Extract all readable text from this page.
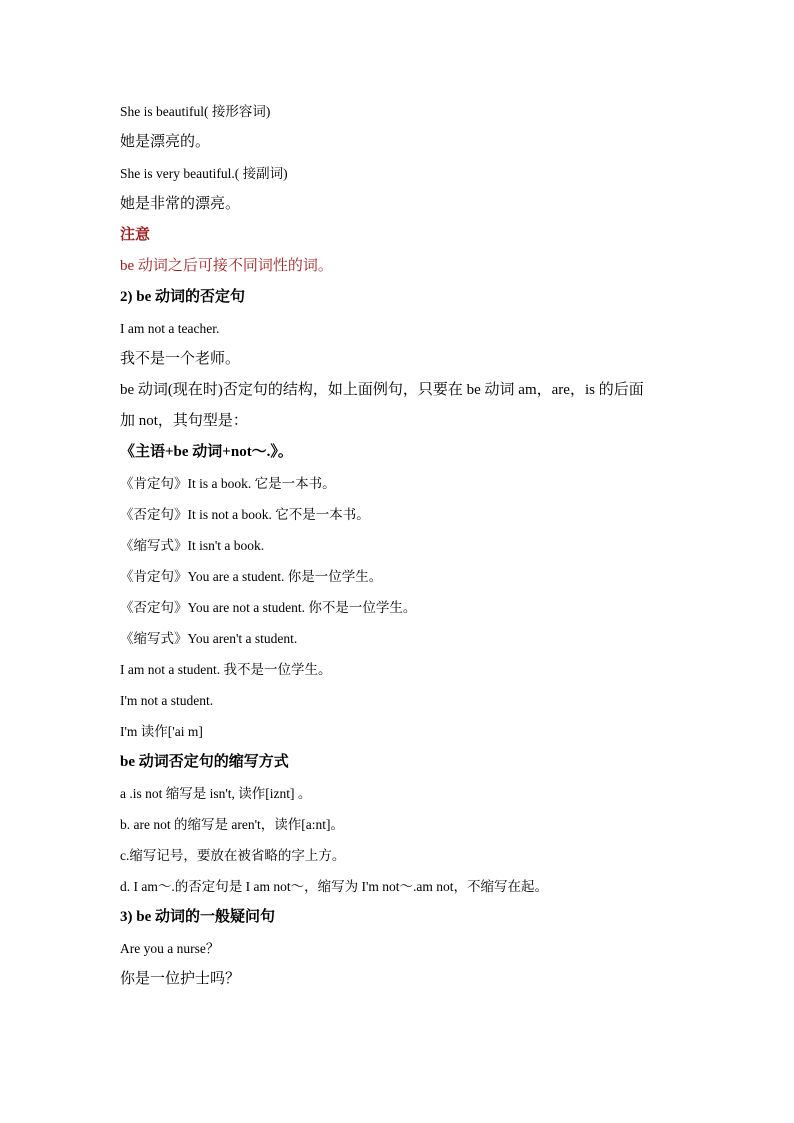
She is beautiful( 接形容词)
她是漂亮的。
She is very beautiful.( 接副词)
她是非常的漂亮。
注意
be 动词之后可接不同词性的词。
2) be 动词的否定句
I am not a teacher.
我不是一个老师。
be 动词(现在时)否定句的结构，如上面例句，只要在 be 动词 am，are，is 的后面
加 not，其句型是：
《主语+be 动词+not～.》。
《肯定句》It is a book. 它是一本书。
《否定句》It is not a book. 它不是一本书。
《缩写式》It isn't a book.
《肯定句》You are a student. 你是一位学生。
《否定句》You are not a student. 你不是一位学生。
《缩写式》You aren't a student.
I am not a student. 我不是一位学生。
I'm not a student.
I'm 读作['ai m]
be 动词否定句的缩写方式
a .is not 缩写是 isn't, 读作[iznt] 。
b. are not 的缩写是 aren't，读作[a:nt]。
c.缩写记号，要放在被省略的字上方。
d. I am～.的否定句是 I am not～，缩写为 I'm not～.am not，不缩写在起。
3) be 动词的一般疑问句
Are you a nurse？
你是一位护士吗？
